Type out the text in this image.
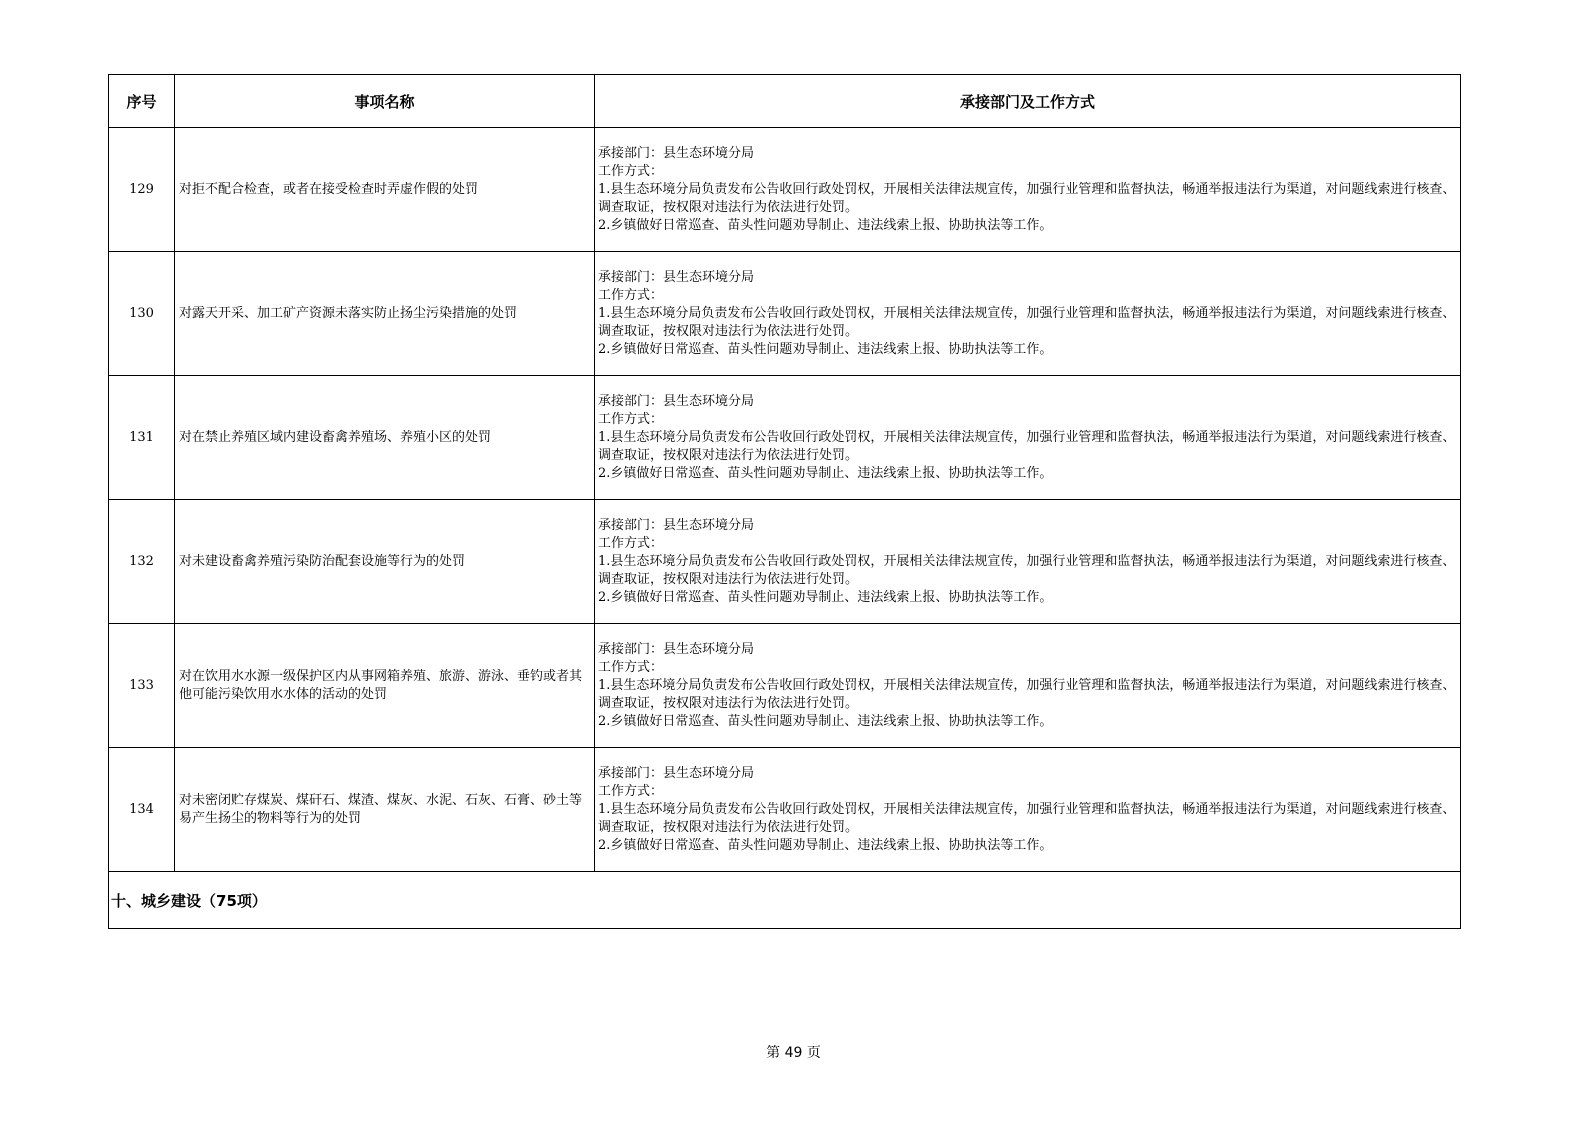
序号	事项名称	承接部门及工作方式
129	对拒不配合检查，或者在接受检查时弄虚作假的处罚	承接部门：县生态环境分局
工作方式：
1.县生态环境分局负责发布公告收回行政处罚权，开展相关法律法规宣传，加强行业管理和监督执法，畅通举报违法行为渠道，对问题线索进行核查、调查取证，按权限对违法行为依法进行处罚。
2.乡镇做好日常巡查、苗头性问题劝导制止、违法线索上报、协助执法等工作。

130	对露天开采、加工矿产资源未落实防止扬尘污染措施的处罚	承接部门：县生态环境分局
工作方式：
1.县生态环境分局负责发布公告收回行政处罚权，开展相关法律法规宣传，加强行业管理和监督执法，畅通举报违法行为渠道，对问题线索进行核查、调查取证，按权限对违法行为依法进行处罚。
2.乡镇做好日常巡查、苗头性问题劝导制止、违法线索上报、协助执法等工作。

131	对在禁止养殖区域内建设畜禽养殖场、养殖小区的处罚	承接部门：县生态环境分局
工作方式：
1.县生态环境分局负责发布公告收回行政处罚权，开展相关法律法规宣传，加强行业管理和监督执法，畅通举报违法行为渠道，对问题线索进行核查、调查取证，按权限对违法行为依法进行处罚。
2.乡镇做好日常巡查、苗头性问题劝导制止、违法线索上报、协助执法等工作。

132	对未建设畜禽养殖污染防治配套设施等行为的处罚	承接部门：县生态环境分局
工作方式：
1.县生态环境分局负责发布公告收回行政处罚权，开展相关法律法规宣传，加强行业管理和监督执法，畅通举报违法行为渠道，对问题线索进行核查、调查取证，按权限对违法行为依法进行处罚。
2.乡镇做好日常巡查、苗头性问题劝导制止、违法线索上报、协助执法等工作。

133	对在饮用水水源一级保护区内从事网箱养殖、旅游、游泳、垂钓或者其他可能污染饮用水水体的活动的处罚	承接部门：县生态环境分局
工作方式：
1.县生态环境分局负责发布公告收回行政处罚权，开展相关法律法规宣传，加强行业管理和监督执法，畅通举报违法行为渠道，对问题线索进行核查、调查取证，按权限对违法行为依法进行处罚。
2.乡镇做好日常巡查、苗头性问题劝导制止、违法线索上报、协助执法等工作。

134	对未密闭贮存煤炭、煤矸石、煤渣、煤灰、水泥、石灰、石膏、砂土等易产生扬尘的物料等行为的处罚	承接部门：县生态环境分局
工作方式：
1.县生态环境分局负责发布公告收回行政处罚权，开展相关法律法规宣传，加强行业管理和监督执法，畅通举报违法行为渠道，对问题线索进行核查、调查取证，按权限对违法行为依法进行处罚。
2.乡镇做好日常巡查、苗头性问题劝导制止、违法线索上报、协助执法等工作。

十、城乡建设（75项）		
第 49 页
